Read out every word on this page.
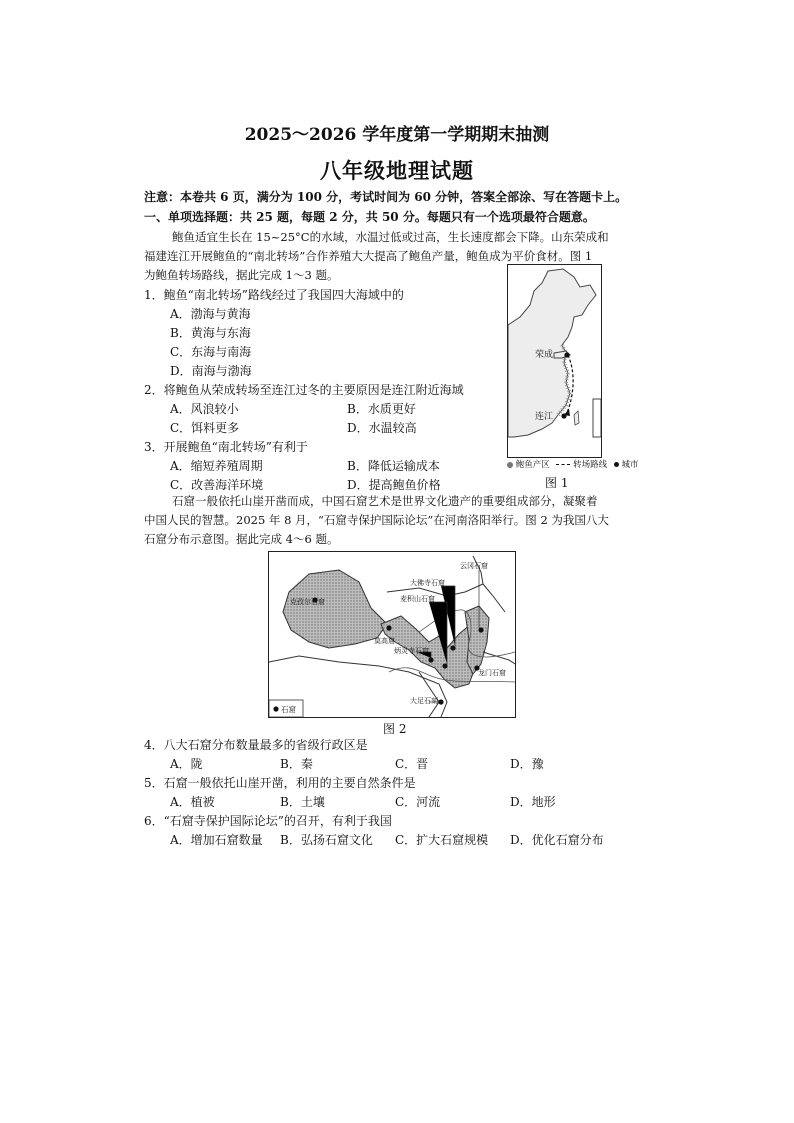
2025～2026 学年度第一学期期末抽测
八年级地理试题
注意：本卷共 6 页，满分为 100 分，考试时间为 60 分钟，答案全部涂、写在答题卡上。
一、单项选择题：共 25 题，每题 2 分，共 50 分。每题只有一个选项最符合题意。
鲍鱼适宜生长在 15~25°C的水域，水温过低或过高，生长速度都会下降。山东荣成和
福建连江开展鲍鱼的“南北转场”合作养殖大大提高了鲍鱼产量，鲍鱼成为平价食材。图 1
为鲍鱼转场路线，据此完成 1～3 题。
1．鲍鱼“南北转场”路线经过了我国四大海域中的
A．渤海与黄海
B．黄海与东海
C．东海与南海
D．南海与渤海
2．将鲍鱼从荣成转场至连江过冬的主要原因是连江附近海域
A．风浪较小	B．水质更好
C．饵料更多	D．水温较高
3．开展鲍鱼“南北转场”有利于
A．缩短养殖周期	B．降低运输成本
C．改善海洋环境	D．提高鲍鱼价格
荣成
连江
鲍鱼产区	转场路线 城市
图 1
石窟一般依托山崖开凿而成，中国石窟艺术是世界文化遗产的重要组成部分，凝聚着
中国人民的智慧。2025 年 8 月，“石窟寺保护国际论坛”在河南洛阳举行。图 2 为我国八大
石窟分布示意图。据此完成 4～6 题。
克孜尔石窟
莫高窟
云冈石窟
大佛寺石窟
麦积山石窟
炳灵寺石窟
龙门石窟
大足石刻
石窟
图 2
4．八大石窟分布数量最多的省级行政区是
A．陇	B．秦	C．晋	D．豫
5．石窟一般依托山崖开凿，利用的主要自然条件是
A．植被	B．土壤	C．河流	D．地形
6．“石窟寺保护国际论坛”的召开，有利于我国
A．增加石窟数量 B．弘扬石窟文化 C．扩大石窟规模 D．优化石窟分布
